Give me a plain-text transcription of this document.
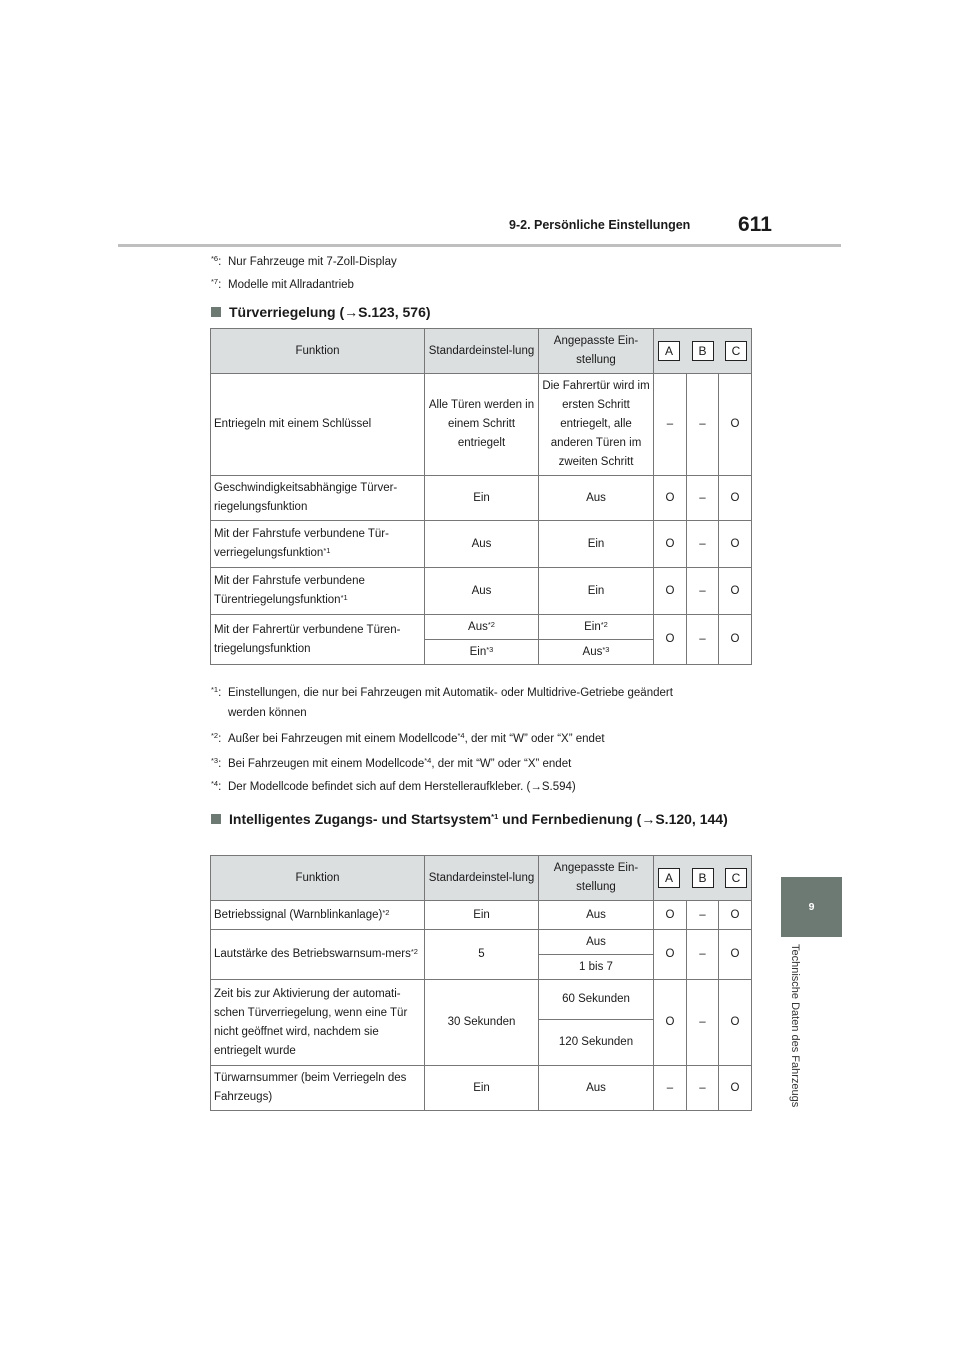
9-2. Persönliche Einstellungen 611
9
Technische Daten des Fahrzeugs
$^{*6}$: Nur Fahrzeuge mit 7-Zoll-Display
$^{*7}$: Modelle mit Allradantrieb
Türverriegelung (→S.123, 576)
Funktion	Standardeinstel-lung	Angepasste Ein-stellung	A B C		

Entriegeln mit einem Schlüssel	Alle Türen werden in einem Schritt entriegelt	Die Fahrertür wird im ersten Schritt entriegelt, alle anderen Türen im zweiten Schritt	–	–	O
Geschwindigkeitsabhängige Türver-riegelungsfunktion	Ein	Aus	O	–	O
Mit der Fahrstufe verbundene Tür-verriegelungsfunktion$^{*1}$	Aus	Ein	O	–	O
Mit der Fahrstufe verbundene Türentriegelungsfunktion$^{*1}$	Aus	Ein	O	–	O
Mit der Fahrertür verbundene Türen-triegelungsfunktion	Aus$^{*2}$	Ein$^{*2}$	O	–	O
	Ein$^{*3}$	Aus$^{*3}$
$^{*1}$: Einstellungen, die nur bei Fahrzeugen mit Automatik- oder Multidrive-Getriebe geändert
werden können
$^{*2}$: Außer bei Fahrzeugen mit einem Modellcode$^{*4}$, der mit “W” oder “X” endet
$^{*3}$: Bei Fahrzeugen mit einem Modellcode$^{*4}$, der mit “W” oder “X” endet
$^{*4}$: Der Modellcode befindet sich auf dem Herstelleraufkleber. (→S.594)
Intelligentes Zugangs- und Startsystem$^{*1}$ und Fernbedienung (→S.120, 144)
Funktion	Standardeinstel-lung	Angepasste Ein-stellung	A B C		

Betriebssignal (Warnblinkanlage)$^{*2}$	Ein	Aus	O	–	O
Lautstärke des Betriebswarnsum-mers$^{*2}$	5	Aus	O	–	O
		1 bis 7			
Zeit bis zur Aktivierung der automati-schen Türverriegelung, wenn eine Tür nicht geöffnet wird, nachdem sie entriegelt wurde	30 Sekunden	60 Sekunden	O	–	O
		120 Sekunden			
Türwarnsummer (beim Verriegeln des Fahrzeugs)	Ein	Aus	–	–	O
